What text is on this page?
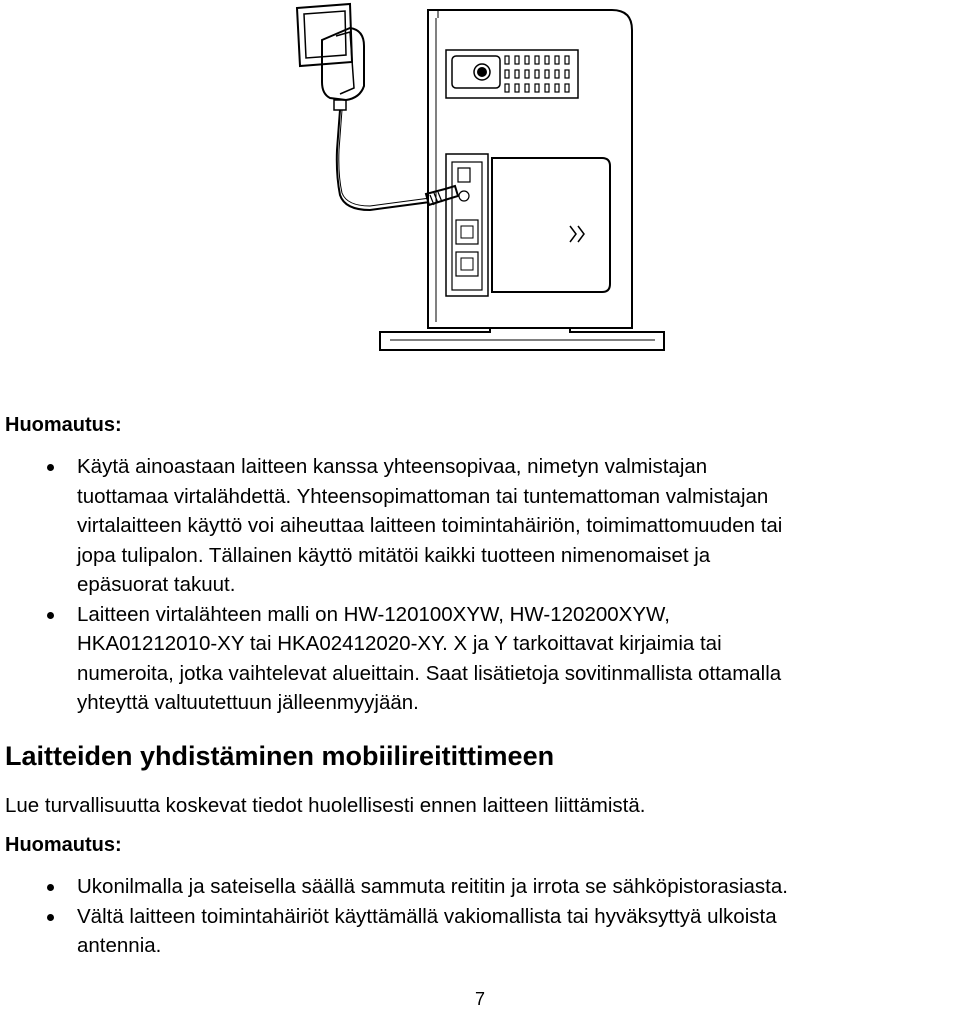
Huomautus:
Käytä ainoastaan laitteen kanssa yhteensopivaa, nimetyn valmistajan
tuottamaa virtalähdettä. Yhteensopimattoman tai tuntemattoman valmistajan
virtalaitteen käyttö voi aiheuttaa laitteen toimintahäiriön, toimimattomuuden tai
jopa tulipalon. Tällainen käyttö mitätöi kaikki tuotteen nimenomaiset ja
epäsuorat takuut.
Laitteen virtalähteen malli on HW-120100XYW, HW-120200XYW,
HKA01212010-XY tai HKA02412020-XY. X ja Y tarkoittavat kirjaimia tai
numeroita, jotka vaihtelevat alueittain. Saat lisätietoja sovitinmallista ottamalla
yhteyttä valtuutettuun jälleenmyyjään.
Laitteiden yhdistäminen mobiilireitittimeen
Lue turvallisuutta koskevat tiedot huolellisesti ennen laitteen liittämistä.
Huomautus:
Ukonilmalla ja sateisella säällä sammuta reititin ja irrota se sähköpistorasiasta.
Vältä laitteen toimintahäiriöt käyttämällä vakiomallista tai hyväksyttyä ulkoista
antennia.
7
